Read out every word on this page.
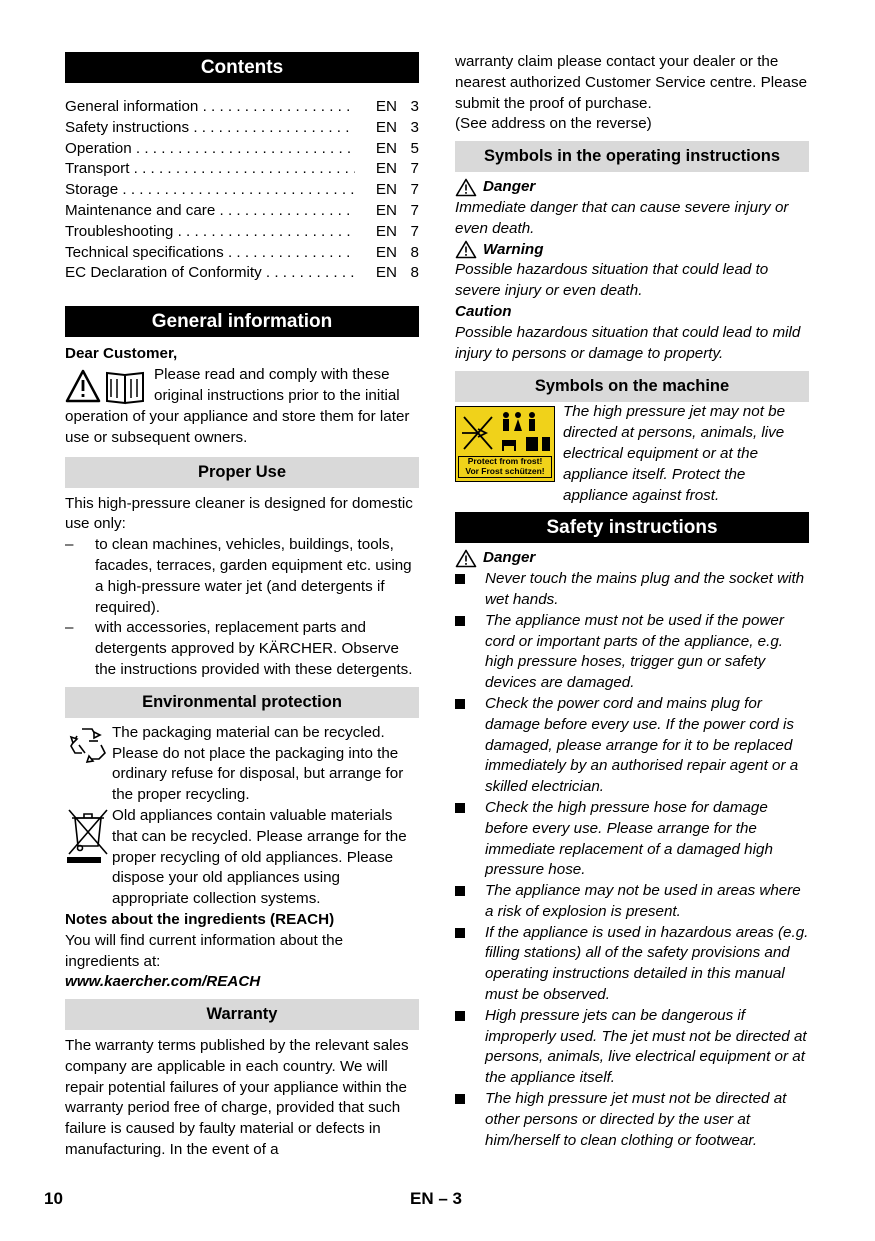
Contents
General information . . .	EN 3
Safety instructions . . .	EN 3
Operation . . .	EN 5
Transport . . .	EN 7
Storage . . .	EN 7
Maintenance and care . . .	EN 7
Troubleshooting . . .	EN 7
Technical specifications . . .	EN 8
EC Declaration of Conformity . . .	EN 8
General information

Dear Customer,

Please read and comply with these original instructions prior to the initial

operation of your appliance and store them for later use or subsequent owners.

Proper Use

This high-pressure cleaner is designed for domestic use only:

–	to clean machines, vehicles, buildings, tools, facades, terraces, garden equipment etc. using a high-pressure water jet (and detergents if required).

–	with accessories, replacement parts and detergents approved by KÄRCHER. Observe the instructions provided with these detergents.

Environmental protection

The packaging material can be recycled. Please do not place the packaging into the ordinary refuse for disposal, but arrange for the proper recycling.

Old appliances contain valuable materials that can be recycled. Please arrange for the proper recycling of old appliances. Please dispose your old appliances using appropriate collection systems.

Notes about the ingredients (REACH)

You will find current information about the ingredients at:

www.kaercher.com/REACH

Warranty

The warranty terms published by the relevant sales company are applicable in each country. We will repair potential failures of your appliance within the warranty period free of charge, provided that such failure is caused by faulty material or defects in manufacturing. In the event of a

warranty claim please contact your dealer or the nearest authorized Customer Service centre. Please submit the proof of purchase.

(See address on the reverse)

Symbols in the operating instructions
Danger

Immediate danger that can cause severe injury or even death.

Warning

Possible hazardous situation that could lead to severe injury or even death.

Caution

Possible hazardous situation that could lead to mild injury to persons or damage to property.

Symbols on the machine
Protect from frost!
Vor Frost schützen!

The high pressure jet may not be directed at persons, animals, live electrical equipment or at the appliance itself. Protect the appliance against frost.

Safety instructions
Danger

Never touch the mains plug and the socket with wet hands.

The appliance must not be used if the power cord or important parts of the appliance, e.g. high pressure hoses, trigger gun or safety devices are damaged.

Check the power cord and mains plug for damage before every use. If the power cord is damaged, please arrange for it to be replaced immediately by an authorised repair agent or a skilled electrician.

Check the high pressure hose for damage before every use. Please arrange for the immediate replacement of a damaged high pressure hose.

The appliance may not be used in areas where a risk of explosion is present.

If the appliance is used in hazardous areas (e.g. filling stations) all of the safety provisions and operating instructions detailed in this manual must be observed.

High pressure jets can be dangerous if improperly used. The jet must not be directed at persons, animals, live electrical equipment or at the appliance itself.

The high pressure jet must not be directed at other persons or directed by the user at him/herself to clean clothing or footwear.

10	EN – 3
